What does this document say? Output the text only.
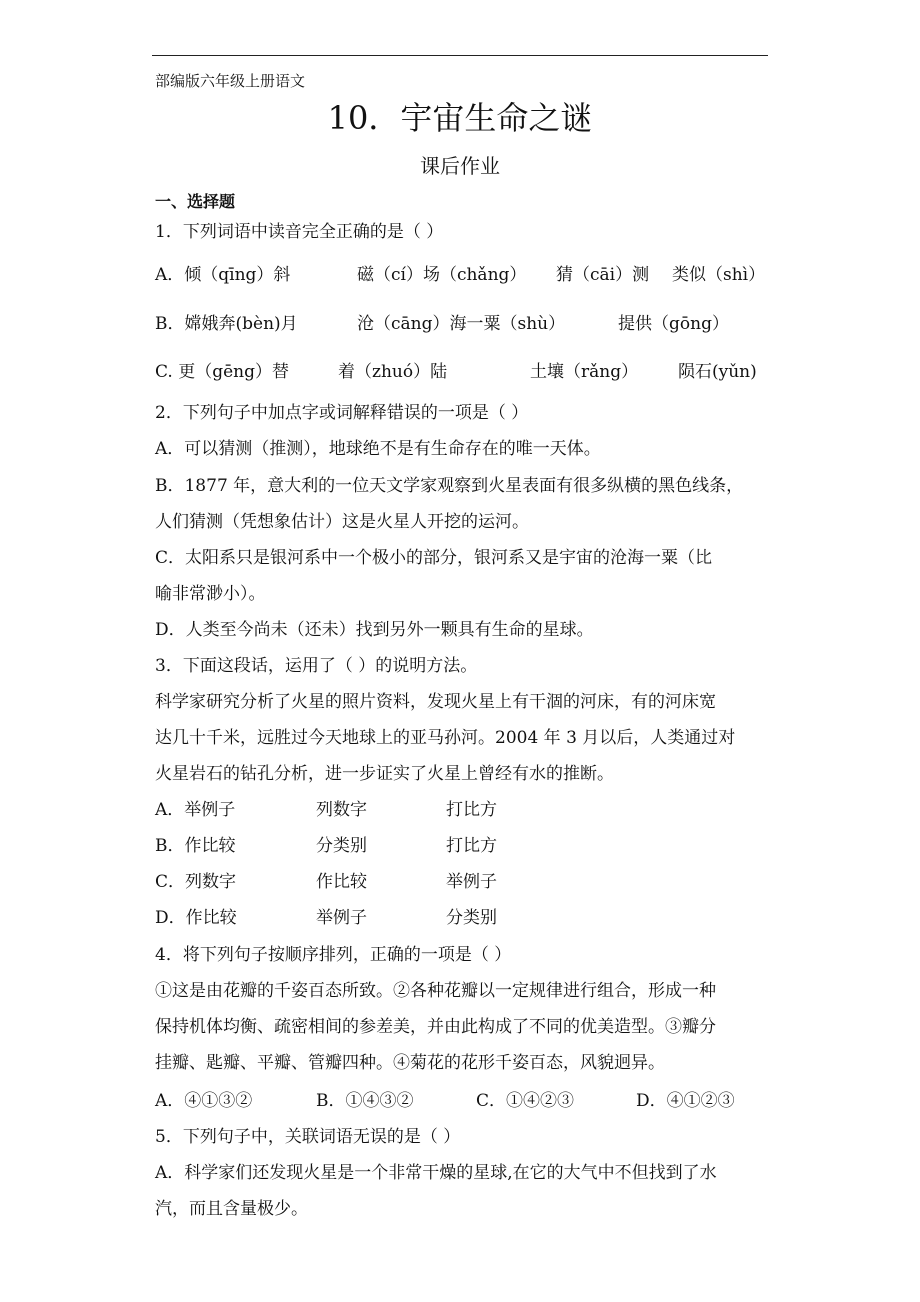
部编版六年级上册语文
10．宇宙生命之谜
课后作业
一、选择题
1．下列词语中读音完全正确的是（ ）
A．倾（qīng）斜	磁（cí）场（chǎng） 猜（cāi）测 类似（shì）
B．嫦娥奔(bèn)月	沧（cāng）海一粟（shù）	提供（gōng）
C. 更（gēng）替	着（zhuó）陆	土壤（rǎng） 陨石(yǔn)
2．下列句子中加点字或词解释错误的一项是（ ）
A．可以猜测（推测），地球绝不是有生命存在的唯一天体。
B．1877 年，意大利的一位天文学家观察到火星表面有很多纵横的黑色线条，
人们猜测（凭想象估计）这是火星人开挖的运河。
C．太阳系只是银河系中一个极小的部分，银河系又是宇宙的沧海一粟（比
喻非常渺小）。
D．人类至今尚未（还未）找到另外一颗具有生命的星球。
3．下面这段话，运用了（ ）的说明方法。
科学家研究分析了火星的照片资料，发现火星上有干涸的河床，有的河床宽
达几十千米，远胜过今天地球上的亚马孙河。2004 年 3 月以后，人类通过对
火星岩石的钻孔分析，进一步证实了火星上曾经有水的推断。
A．举例子	列数字	打比方
B．作比较	分类别	打比方
C．列数字	作比较	举例子
D．作比较	举例子	分类别
4．将下列句子按顺序排列，正确的一项是（ ）
①这是由花瓣的千姿百态所致。②各种花瓣以一定规律进行组合，形成一种
保持机体均衡、疏密相间的参差美，并由此构成了不同的优美造型。③瓣分
挂瓣、匙瓣、平瓣、管瓣四种。④菊花的花形千姿百态，风貌迥异。
A．④①③②	B．①④③②	C．①④②③	D．④①②③
5．下列句子中，关联词语无误的是（ ）
A．科学家们还发现火星是一个非常干燥的星球,在它的大气中不但找到了水
汽，而且含量极少。
